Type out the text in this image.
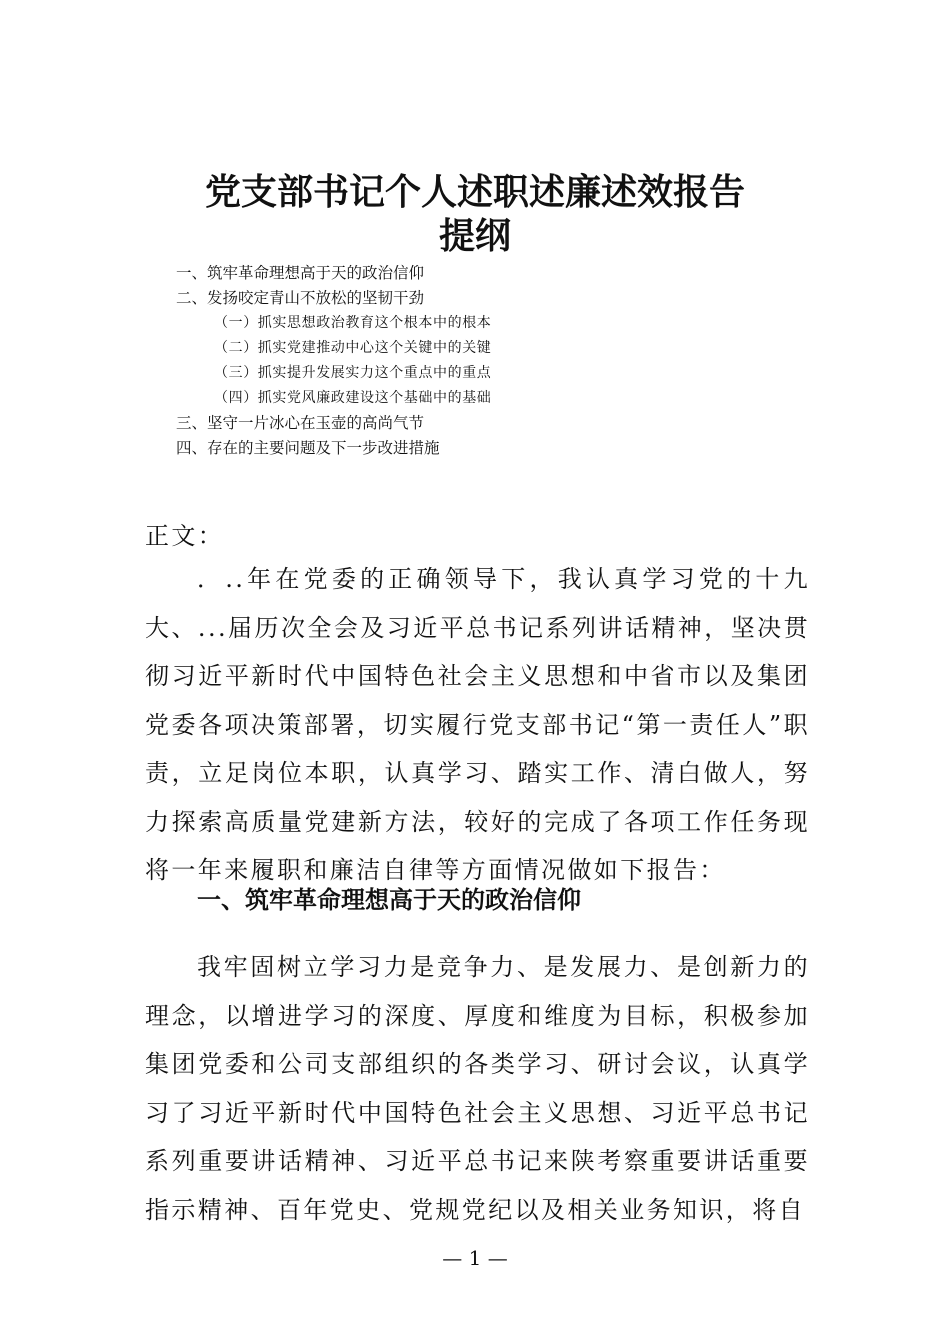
党支部书记个人述职述廉述效报告
提纲
一、筑牢革命理想高于天的政治信仰
二、发扬咬定青山不放松的坚韧干劲
（一）抓实思想政治教育这个根本中的根本
（二）抓实党建推动中心这个关键中的关键
（三）抓实提升发展实力这个重点中的重点
（四）抓实党风廉政建设这个基础中的基础
三、坚守一片冰心在玉壶的高尚气节
四、存在的主要问题及下一步改进措施
正文：

．..年在党委的正确领导下，我认真学习党的十九大、...届历次全会及习近平总书记系列讲话精神，坚决贯彻习近平新时代中国特色社会主义思想和中省市以及集团党委各项决策部署，切实履行党支部书记“第一责任人”职责，立足岗位本职，认真学习、踏实工作、清白做人，努力探索高质量党建新方法，较好的完成了各项工作任务现将一年来履职和廉洁自律等方面情况做如下报告：

一、筑牢革命理想高于天的政治信仰

我牢固树立学习力是竞争力、是发展力、是创新力的理念，以增进学习的深度、厚度和维度为目标，积极参加集团党委和公司支部组织的各类学习、研讨会议，认真学习了习近平新时代中国特色社会主义思想、习近平总书记系列重要讲话精神、习近平总书记来陕考察重要讲话重要指示精神、百年党史、党规党纪以及相关业务知识，将自

— 1 —
